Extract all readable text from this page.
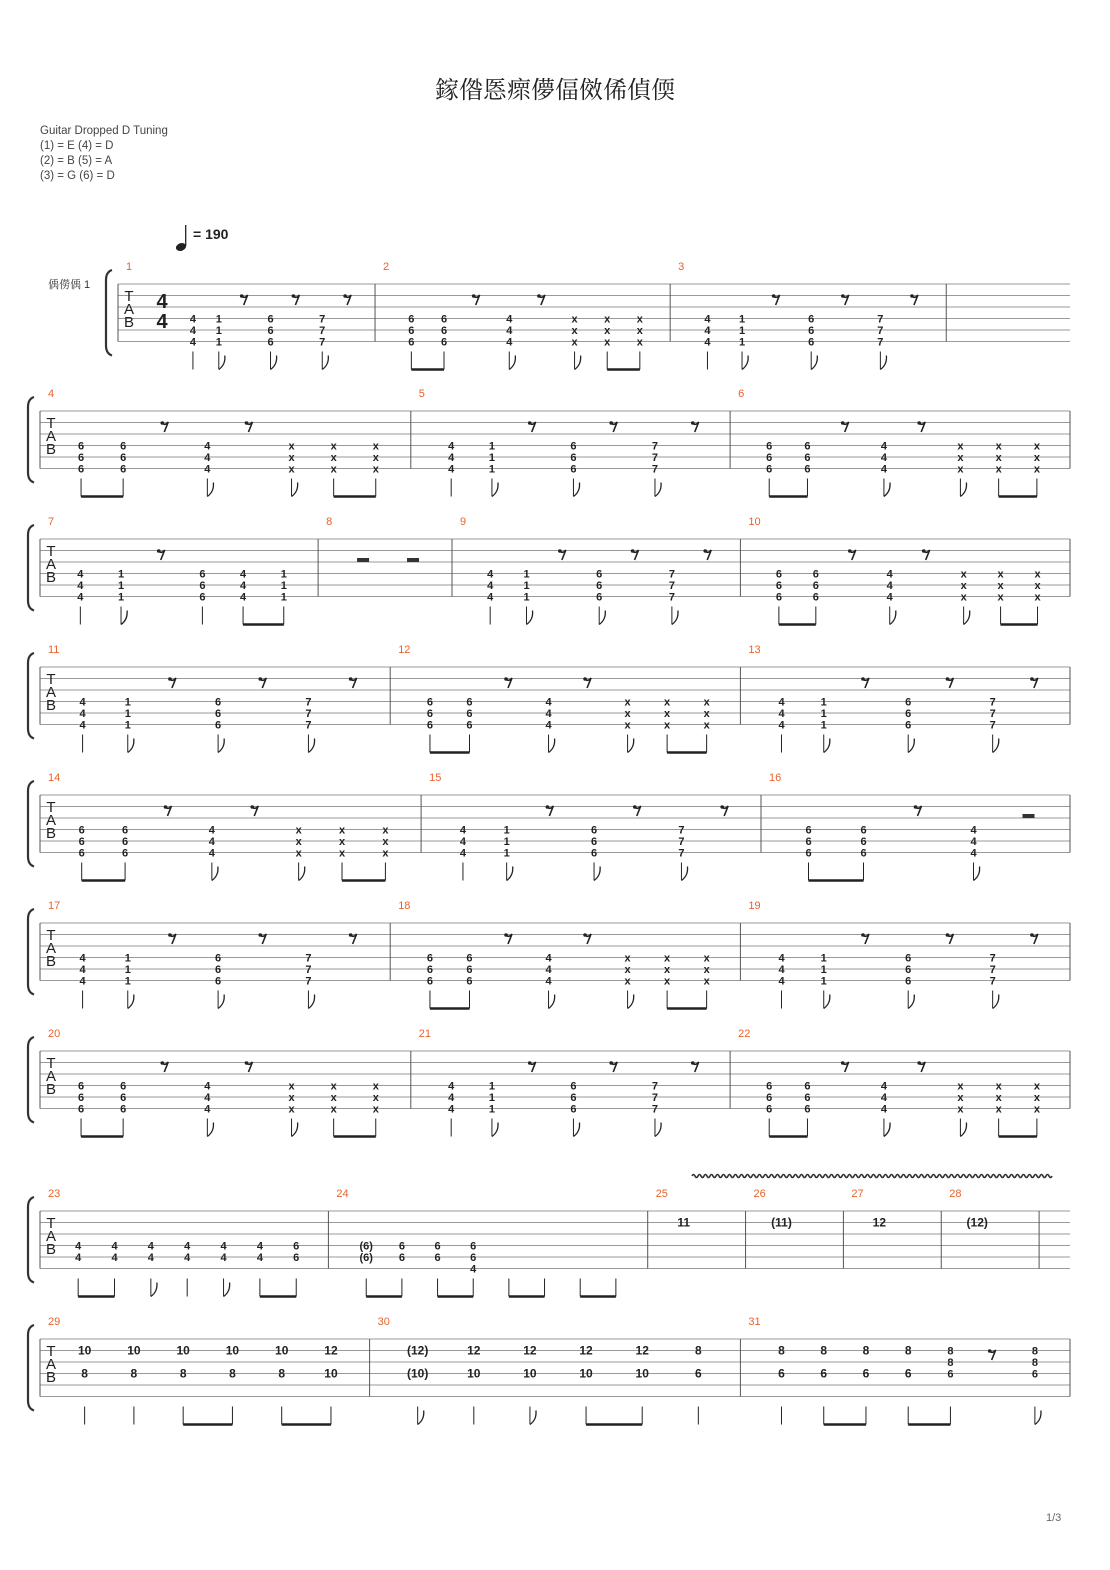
鎵偺悘瘝儚偪傚俙偵偄
Guitar Dropped D Tuning
(1) = E (4) = D
(2) = B (5) = A
(3) = G (6) = D
= 190
偊僗偊 1
T
A
B
4
4
1
4
4
4
1
1
1
6
6
6
7
7
7
2
6
6
6
6
6
6
4
4
4
x
x
x
x
x
x
x
x
x
3
4
4
4
1
1
1
6
6
6
7
7
7
T
A
B
4
6
6
6
6
6
6
4
4
4
x
x
x
x
x
x
x
x
x
5
4
4
4
1
1
1
6
6
6
7
7
7
6
6
6
6
6
6
6
4
4
4
x
x
x
x
x
x
x
x
x
T
A
B
7
4
4
4
1
1
1
6
6
6
4
4
4
1
1
1
8	9
4
4
4
1
1
1
6
6
6
7
7
7
10
6
6
6
6
6
6
4
4
4
x
x
x
x
x
x
x
x
x
T
A
B
11
4
4
4
1
1
1
6
6
6
7
7
7
12
6
6
6
6
6
6
4
4
4
x
x
x
x
x
x
x
x
x
13
4
4
4
1
1
1
6
6
6
7
7
7
T
A
B
14
6
6
6
6
6
6
4
4
4
x
x
x
x
x
x
x
x
x
15
4
4
4
1
1
1
6
6
6
7
7
7
16
6
6
6
6
6
6
4
4
4
T
A
B
17
4
4
4
1
1
1
6
6
6
7
7
7
18
6
6
6
6
6
6
4
4
4
x
x
x
x
x
x
x
x
x
19
4
4
4
1
1
1
6
6
6
7
7
7
T
A
B
20
6
6
6
6
6
6
4
4
4
x
x
x
x
x
x
x
x
x
21
4
4
4
1
1
1
6
6
6
7
7
7
22
6
6
6
6
6
6
4
4
4
x
x
x
x
x
x
x
x
x
T
A
B
23
4
4
4
4
4
4
4
4
4
4
4
4
6
6
24
(6)
(6)
6
6
6
6
6
6
4
25
11
26
(11)
27
12
28
(12)
T
A
B
29
10
8
10
8
10
8
10
8
10
8
12
10
30
(12)
(10)
12
10
12
10
12
10
12
10
8
6
31
8
6
8
6
8
6
8
6
8
8
6
8
8
6
1/3
